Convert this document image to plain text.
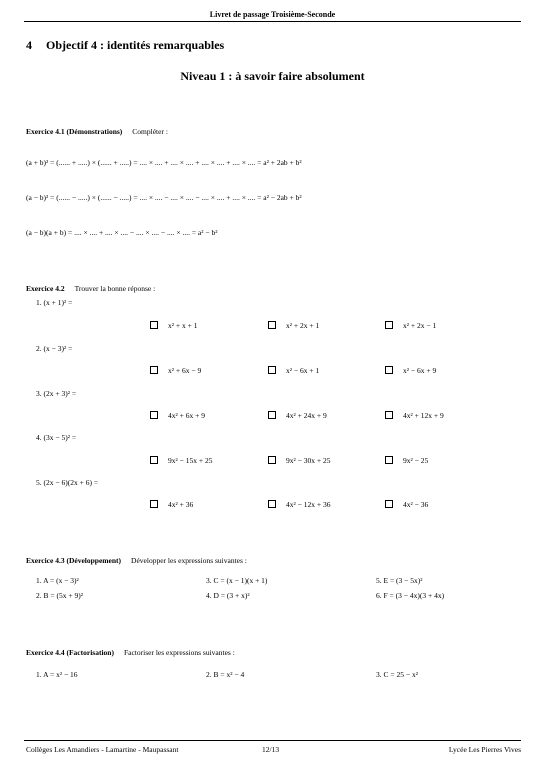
Livret de passage Troisième-Seconde
4 Objectif 4 : identités remarquables
Niveau 1 : à savoir faire absolument
Exercice 4.1 (Démonstrations) Compléter :
(a + b)² = (...... + .....) × (...... + .....) = .... × .... + .... × .... + .... × .... + .... × .... = a² + 2ab + b²
(a − b)² = (...... − .....) × (...... − .....) = .... × .... − .... × .... − .... × .... + .... × .... = a² − 2ab + b²
(a − b)(a + b) = .... × .... + .... × .... − .... × .... − .... × .... = a² − b²
Exercice 4.2 Trouver la bonne réponse :
1. (x + 1)² =
x² + x + 1	x² + 2x + 1	x² + 2x − 1
2. (x − 3)² =
x² + 6x − 9	x² − 6x + 1	x² − 6x + 9
3. (2x + 3)² =
4x² + 6x + 9	4x² + 24x + 9	4x² + 12x + 9
4. (3x − 5)² =
9x² − 15x + 25	9x² − 30x + 25	9x² − 25
5. (2x − 6)(2x + 6) =
4x² + 36	4x² − 12x + 36	4x² − 36
Exercice 4.3 (Développement) Développer les expressions suivantes :
1. A = (x − 3)²	3. C = (x − 1)(x + 1)	5. E = (3 − 5x)²
2. B = (5x + 9)²	4. D = (3 + x)²	6. F = (3 − 4x)(3 + 4x)
Exercice 4.4 (Factorisation) Factoriser les expressions suivantes :
1. A = x² − 16	2. B = x² − 4	3. C = 25 − x²
Collèges Les Amandiers - Lamartine - Maupassant	12/13	Lycée Les Pierres Vives
